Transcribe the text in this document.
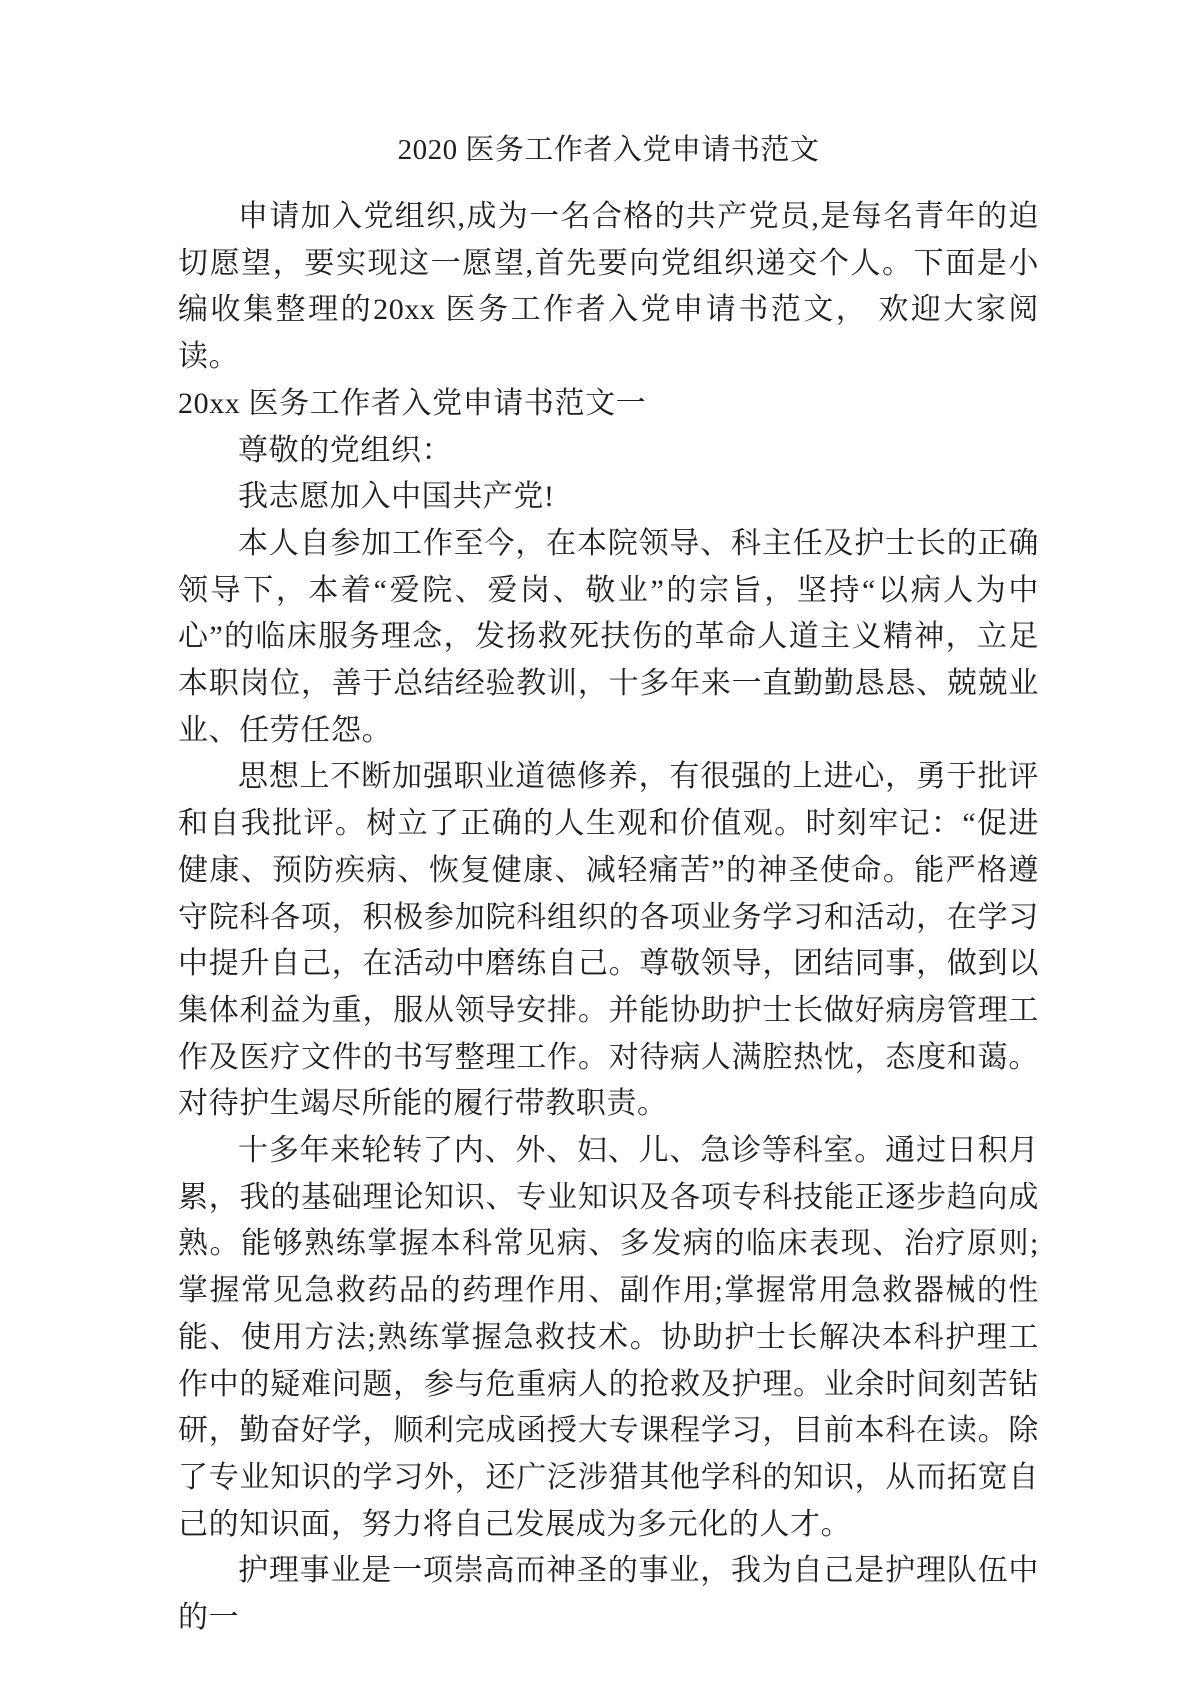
2020 医务工作者入党申请书范文

申请加入党组织,成为一名合格的共产党员,是每名青年的迫切愿望，要实现这一愿望,首先要向党组织递交个人。下面是小编收集整理的20xx 医务工作者入党申请书范文， 欢迎大家阅读。

20xx 医务工作者入党申请书范文一

尊敬的党组织：

我志愿加入中国共产党!

本人自参加工作至今，在本院领导、科主任及护士长的正确领导下，本着“爱院、爱岗、敬业”的宗旨，坚持“以病人为中心”的临床服务理念，发扬救死扶伤的革命人道主义精神，立足本职岗位，善于总结经验教训，十多年来一直勤勤恳恳、兢兢业业、任劳任怨。

思想上不断加强职业道德修养，有很强的上进心，勇于批评和自我批评。树立了正确的人生观和价值观。时刻牢记：“促进健康、预防疾病、恢复健康、减轻痛苦”的神圣使命。能严格遵守院科各项，积极参加院科组织的各项业务学习和活动，在学习中提升自己，在活动中磨练自己。尊敬领导，团结同事，做到以集体利益为重，服从领导安排。并能协助护士长做好病房管理工作及医疗文件的书写整理工作。对待病人满腔热忱，态度和蔼。对待护生竭尽所能的履行带教职责。

十多年来轮转了内、外、妇、儿、急诊等科室。通过日积月累，我的基础理论知识、专业知识及各项专科技能正逐步趋向成熟。能够熟练掌握本科常见病、多发病的临床表现、治疗原则;掌握常见急救药品的药理作用、副作用;掌握常用急救器械的性能、使用方法;熟练掌握急救技术。协助护士长解决本科护理工作中的疑难问题，参与危重病人的抢救及护理。业余时间刻苦钻研，勤奋好学，顺利完成函授大专课程学习，目前本科在读。除了专业知识的学习外，还广泛涉猎其他学科的知识，从而拓宽自己的知识面，努力将自己发展成为多元化的人才。

护理事业是一项崇高而神圣的事业，我为自己是护理队伍中的一
